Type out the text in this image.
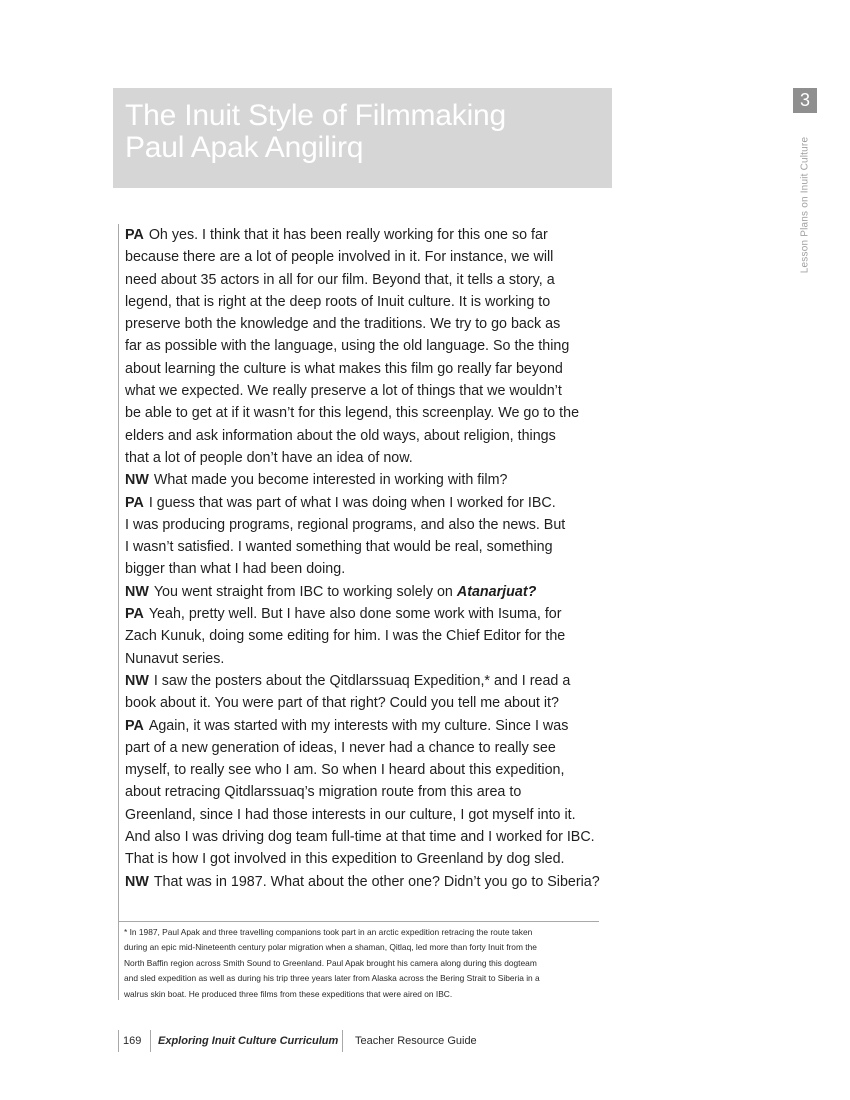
The Inuit Style of Filmmaking
Paul Apak Angilirq
3
Lesson Plans on Inuit Culture
PA Oh yes. I think that it has been really working for this one so far
because there are a lot of people involved in it. For instance, we will
need about 35 actors in all for our film. Beyond that, it tells a story, a
legend, that is right at the deep roots of Inuit culture. It is working to
preserve both the knowledge and the traditions. We try to go back as
far as possible with the language, using the old language. So the thing
about learning the culture is what makes this film go really far beyond
what we expected. We really preserve a lot of things that we wouldn’t
be able to get at if it wasn’t for this legend, this screenplay. We go to the
elders and ask information about the old ways, about religion, things
that a lot of people don’t have an idea of now.
NW What made you become interested in working with film?
PA I guess that was part of what I was doing when I worked for IBC.
I was producing programs, regional programs, and also the news. But
I wasn’t satisfied. I wanted something that would be real, something
bigger than what I had been doing.
NW You went straight from IBC to working solely on Atanarjuat?
PA Yeah, pretty well. But I have also done some work with Isuma, for
Zach Kunuk, doing some editing for him. I was the Chief Editor for the
Nunavut series.
NW I saw the posters about the Qitdlarssuaq Expedition,* and I read a
book about it. You were part of that right? Could you tell me about it?
PA Again, it was started with my interests with my culture. Since I was
part of a new generation of ideas, I never had a chance to really see
myself, to really see who I am. So when I heard about this expedition,
about retracing Qitdlarssuaq’s migration route from this area to
Greenland, since I had those interests in our culture, I got myself into it.
And also I was driving dog team full-time at that time and I worked for IBC.
That is how I got involved in this expedition to Greenland by dog sled.
NW That was in 1987. What about the other one? Didn’t you go to Siberia?
* In 1987, Paul Apak and three travelling companions took part in an arctic expedition retracing the route taken
during an epic mid-Nineteenth century polar migration when a shaman, Qitlaq, led more than forty Inuit from the
North Baffin region across Smith Sound to Greenland. Paul Apak brought his camera along during this dogteam
and sled expedition as well as during his trip three years later from Alaska across the Bering Strait to Siberia in a
walrus skin boat. He produced three films from these expeditions that were aired on IBC.
169 Exploring Inuit Culture Curriculum Teacher Resource Guide
